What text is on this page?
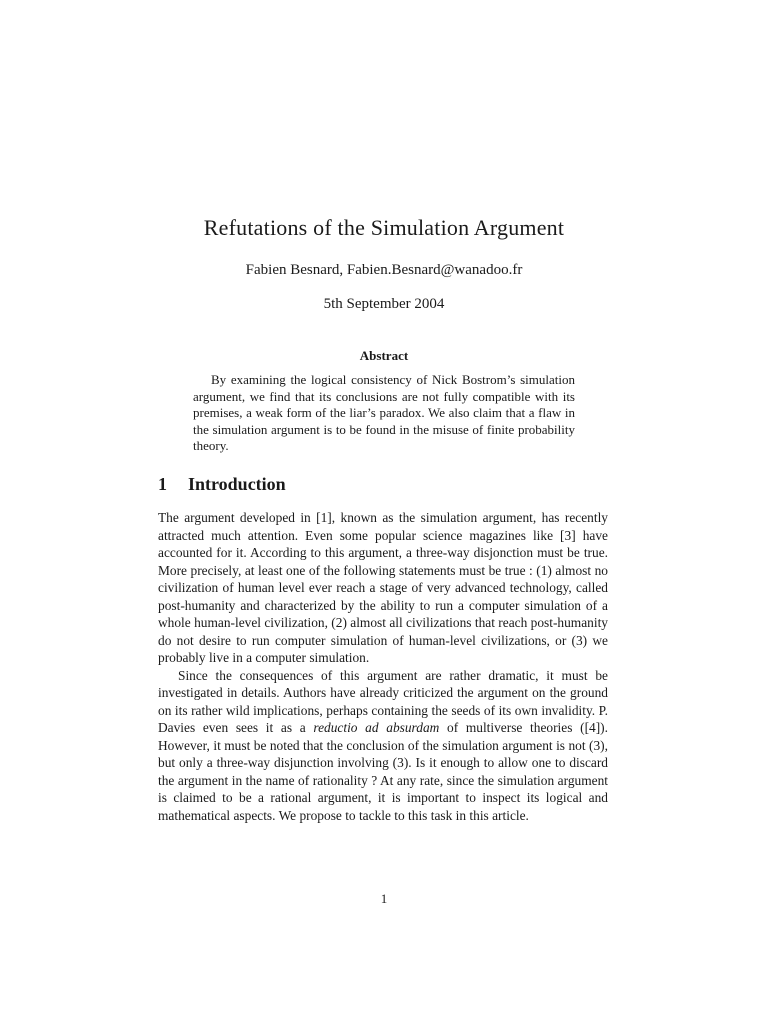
Refutations of the Simulation Argument
Fabien Besnard, Fabien.Besnard@wanadoo.fr
5th September 2004
Abstract

By examining the logical consistency of Nick Bostrom’s simulation argument, we find that its conclusions are not fully compatible with its premises, a weak form of the liar’s paradox. We also claim that a flaw in the simulation argument is to be found in the misuse of finite probability theory.

1 Introduction

The argument developed in [1], known as the simulation argument, has recently attracted much attention. Even some popular science magazines like [3] have accounted for it. According to this argument, a three-way disjonction must be true. More precisely, at least one of the following statements must be true : (1) almost no civilization of human level ever reach a stage of very advanced technology, called post-humanity and characterized by the ability to run a computer simulation of a whole human-level civilization, (2) almost all civilizations that reach post-humanity do not desire to run computer simulation of human-level civilizations, or (3) we probably live in a computer simulation.

Since the consequences of this argument are rather dramatic, it must be investigated in details. Authors have already criticized the argument on the ground on its rather wild implications, perhaps containing the seeds of its own invalidity. P. Davies even sees it as a reductio ad absurdam of multiverse theories ([4]). However, it must be noted that the conclusion of the simulation argument is not (3), but only a three-way disjunction involving (3). Is it enough to allow one to discard the argument in the name of rationality ? At any rate, since the simulation argument is claimed to be a rational argument, it is important to inspect its logical and mathematical aspects. We propose to tackle to this task in this article.

1
